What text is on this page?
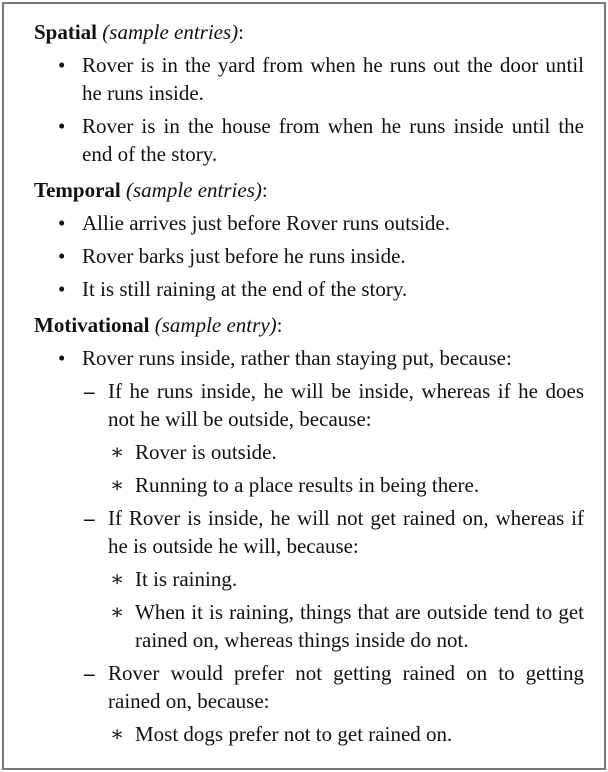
Spatial (sample entries):
• Rover is in the yard from when he runs out the door until he runs inside.
• Rover is in the house from when he runs inside until the end of the story.
Temporal (sample entries):
• Allie arrives just before Rover runs outside.
• Rover barks just before he runs inside.
• It is still raining at the end of the story.
Motivational (sample entry):
• Rover runs inside, rather than staying put, because:
– If he runs inside, he will be inside, whereas if he does not he will be outside, because:
∗ Rover is outside.
∗ Running to a place results in being there.
– If Rover is inside, he will not get rained on, whereas if he is outside he will, because:
∗ It is raining.
∗ When it is raining, things that are outside tend to get rained on, whereas things inside do not.
– Rover would prefer not getting rained on to getting rained on, because:
∗ Most dogs prefer not to get rained on.
